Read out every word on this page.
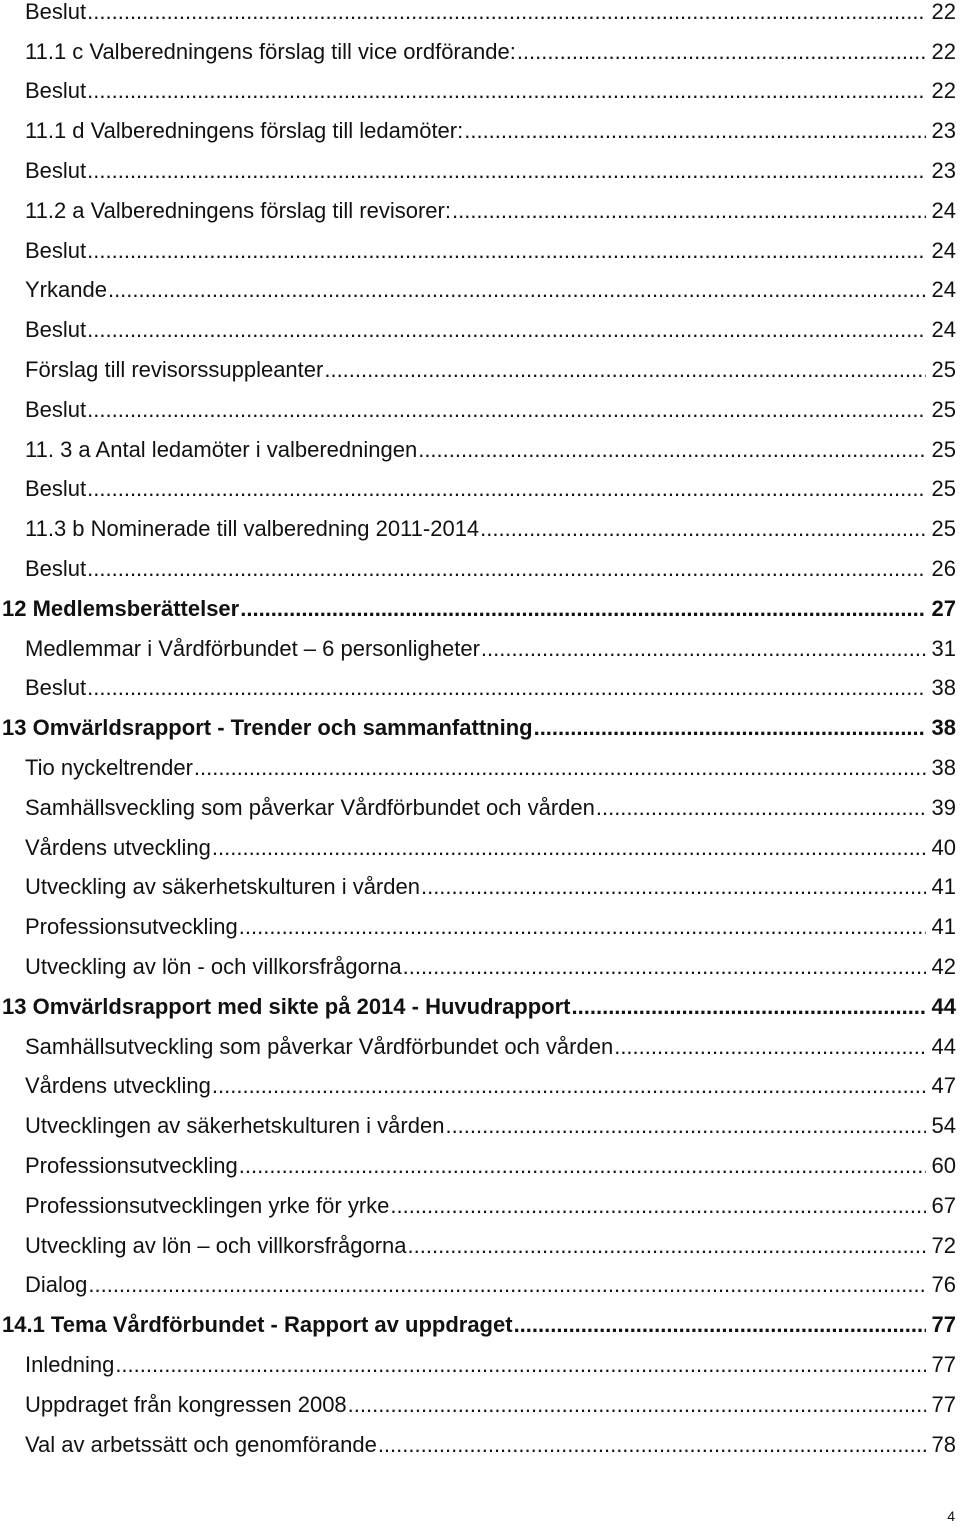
Beslut .....	22
11.1 c Valberedningens förslag till vice ordförande: .....	22
Beslut .....	22
11.1 d Valberedningens förslag till ledamöter: .....	23
Beslut .....	23
11.2 a Valberedningens förslag till revisorer: .....	24
Beslut .....	24
Yrkande .....	24
Beslut .....	24
Förslag till revisorssuppleanter .....	25
Beslut .....	25
11. 3 a Antal ledamöter i valberedningen .....	25
Beslut .....	25
11.3 b Nominerade till valberedning 2011-2014 .....	25
Beslut .....	26
12 Medlemsberättelser .....	27
Medlemmar i Vårdförbundet – 6 personligheter .....	31
Beslut .....	38
13 Omvärldsrapport - Trender och sammanfattning .....	38
Tio nyckeltrender .....	38
Samhällsveckling som påverkar Vårdförbundet och vården .....	39
Vårdens utveckling .....	40
Utveckling av säkerhetskulturen i vården .....	41
Professionsutveckling .....	41
Utveckling av lön - och villkorsfrågorna .....	42
13 Omvärldsrapport med sikte på 2014 - Huvudrapport .....	44
Samhällsutveckling som påverkar Vårdförbundet och vården .....	44
Vårdens utveckling .....	47
Utvecklingen av säkerhetskulturen i vården .....	54
Professionsutveckling .....	60
Professionsutvecklingen yrke för yrke .....	67
Utveckling av lön – och villkorsfrågorna .....	72
Dialog .....	76
14.1 Tema Vårdförbundet - Rapport av uppdraget .....	77
Inledning .....	77
Uppdraget från kongressen 2008 .....	77
Val av arbetssätt och genomförande .....	78
4
